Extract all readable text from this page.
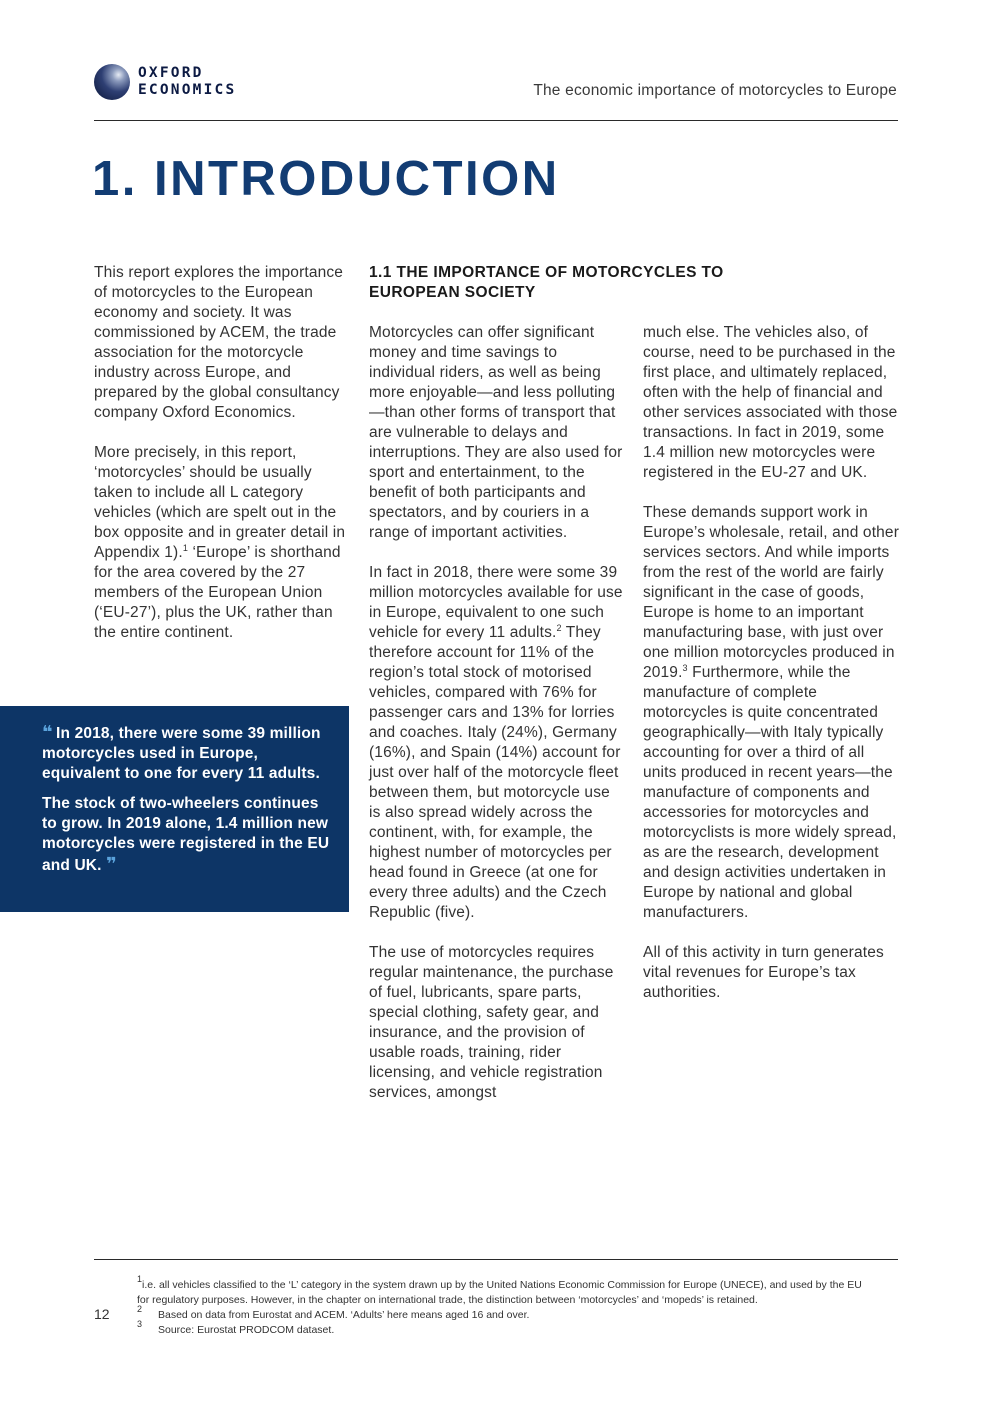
OXFORD
ECONOMICS	The economic importance of motorcycles to Europe
1. INTRODUCTION

This report explores the importance of motorcycles to the European economy and society. It was commissioned by ACEM, the trade association for the motorcycle industry across Europe, and prepared by the global consultancy company Oxford Economics.

More precisely, in this report, ‘motorcycles’ should be usually taken to include all L category vehicles (which are spelt out in the box opposite and in greater detail in Appendix 1).$^1$ ‘Europe’ is shorthand for the area covered by the 27 members of the European Union (‘EU-27’), plus the UK, rather than the entire continent.

❝ In 2018, there were some 39 million motorcycles used in Europe, equivalent to one for every 11 adults.

The stock of two-wheelers continues to grow. In 2019 alone, 1.4 million new motorcycles were registered in the EU and UK. ❞

1.1 THE IMPORTANCE OF MOTORCYCLES TO
EUROPEAN SOCIETY

Motorcycles can offer significant money and time savings to individual riders, as well as being more enjoyable—and less polluting—than other forms of transport that are vulnerable to delays and interruptions. They are also used for sport and entertainment, to the benefit of both participants and spectators, and by couriers in a range of important activities.

In fact in 2018, there were some 39 million motorcycles available for use in Europe, equivalent to one such vehicle for every 11 adults.$^2$ They therefore account for 11% of the region’s total stock of motorised vehicles, compared with 76% for passenger cars and 13% for lorries and coaches. Italy (24%), Germany (16%), and Spain (14%) account for just over half of the motorcycle fleet between them, but motorcycle use is also spread widely across the continent, with, for example, the highest number of motorcycles per head found in Greece (at one for every three adults) and the Czech Republic (five).

The use of motorcycles requires regular maintenance, the purchase of fuel, lubricants, spare parts, special clothing, safety gear, and insurance, and the provision of usable roads, training, rider licensing, and vehicle registration services, amongst

much else. The vehicles also, of course, need to be purchased in the first place, and ultimately replaced, often with the help of financial and other services associated with those transactions. In fact in 2019, some 1.4 million new motorcycles were registered in the EU-27 and UK.

These demands support work in Europe’s wholesale, retail, and other services sectors. And while imports from the rest of the world are fairly significant in the case of goods, Europe is home to an important manufacturing base, with just over one million motorcycles produced in 2019.$^3$ Furthermore, while the manufacture of complete motorcycles is quite concentrated geographically—with Italy typically accounting for over a third of all units produced in recent years—the manufacture of components and accessories for motorcycles and motorcyclists is more widely spread, as are the research, development and design activities undertaken in Europe by national and global manufacturers.

All of this activity in turn generates vital revenues for Europe’s tax authorities.

12

$^1$i.e. all vehicles classified to the ‘L’ category in the system drawn up by the United Nations Economic Commission for Europe (UNECE), and used by the EU for regulatory purposes. However, in the chapter on international trade, the distinction between ‘motorcycles’ and ‘mopeds’ is retained.

$^2$ Based on data from Eurostat and ACEM. ‘Adults’ here means aged 16 and over.

$^3$ Source: Eurostat PRODCOM dataset.
